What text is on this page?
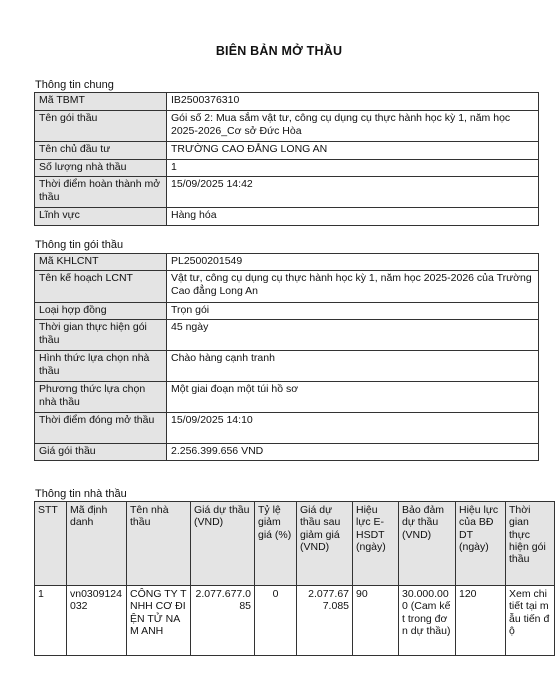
BIÊN BẢN MỞ THẦU
Thông tin chung
Mã TBMT	IB2500376310
Tên gói thầu	Gói số 2: Mua sắm vật tư, công cụ dụng cụ thực hành học kỳ 1, năm học 2025-2026_Cơ sở Đức Hòa
Tên chủ đầu tư	TRƯỜNG CAO ĐẲNG LONG AN
Số lượng nhà thầu	1
Thời điểm hoàn thành mở thầu	15/09/2025 14:42
Lĩnh vực	Hàng hóa
Thông tin gói thầu
Mã KHLCNT	PL2500201549
Tên kế hoạch LCNT	Vật tư, công cụ dụng cụ thực hành học kỳ 1, năm học 2025-2026 của Trường Cao đẳng Long An
Loại hợp đồng	Trọn gói
Thời gian thực hiện gói thầu	45 ngày
Hình thức lựa chọn nhà thầu	Chào hàng cạnh tranh
Phương thức lựa chọn nhà thầu	Một giai đoạn một túi hồ sơ
Thời điểm đóng mở thầu	15/09/2025 14:10
Giá gói thầu	2.256.399.656 VND
Thông tin nhà thầu
STT	Mã định danh	Tên nhà thầu	Giá dự thầu (VND)	Tỷ lệ giảm giá (%)	Giá dự thầu sau giảm giá (VND)	Hiệu lực E-HSDT (ngày)	Bảo đảm dự thầu (VND)	Hiệu lực của BĐ DT (ngày)	Thời gian thực hiện gói thầu
1	vn0309124032	CÔNG TY TNHH CƠ ĐIỆN TỬ NAM ANH	2.077.677.085	0	2.077.677.085	90	30.000.000 (Cam kết trong đơn dự thầu)	120	Xem chi tiết tại mẫu tiến độ
